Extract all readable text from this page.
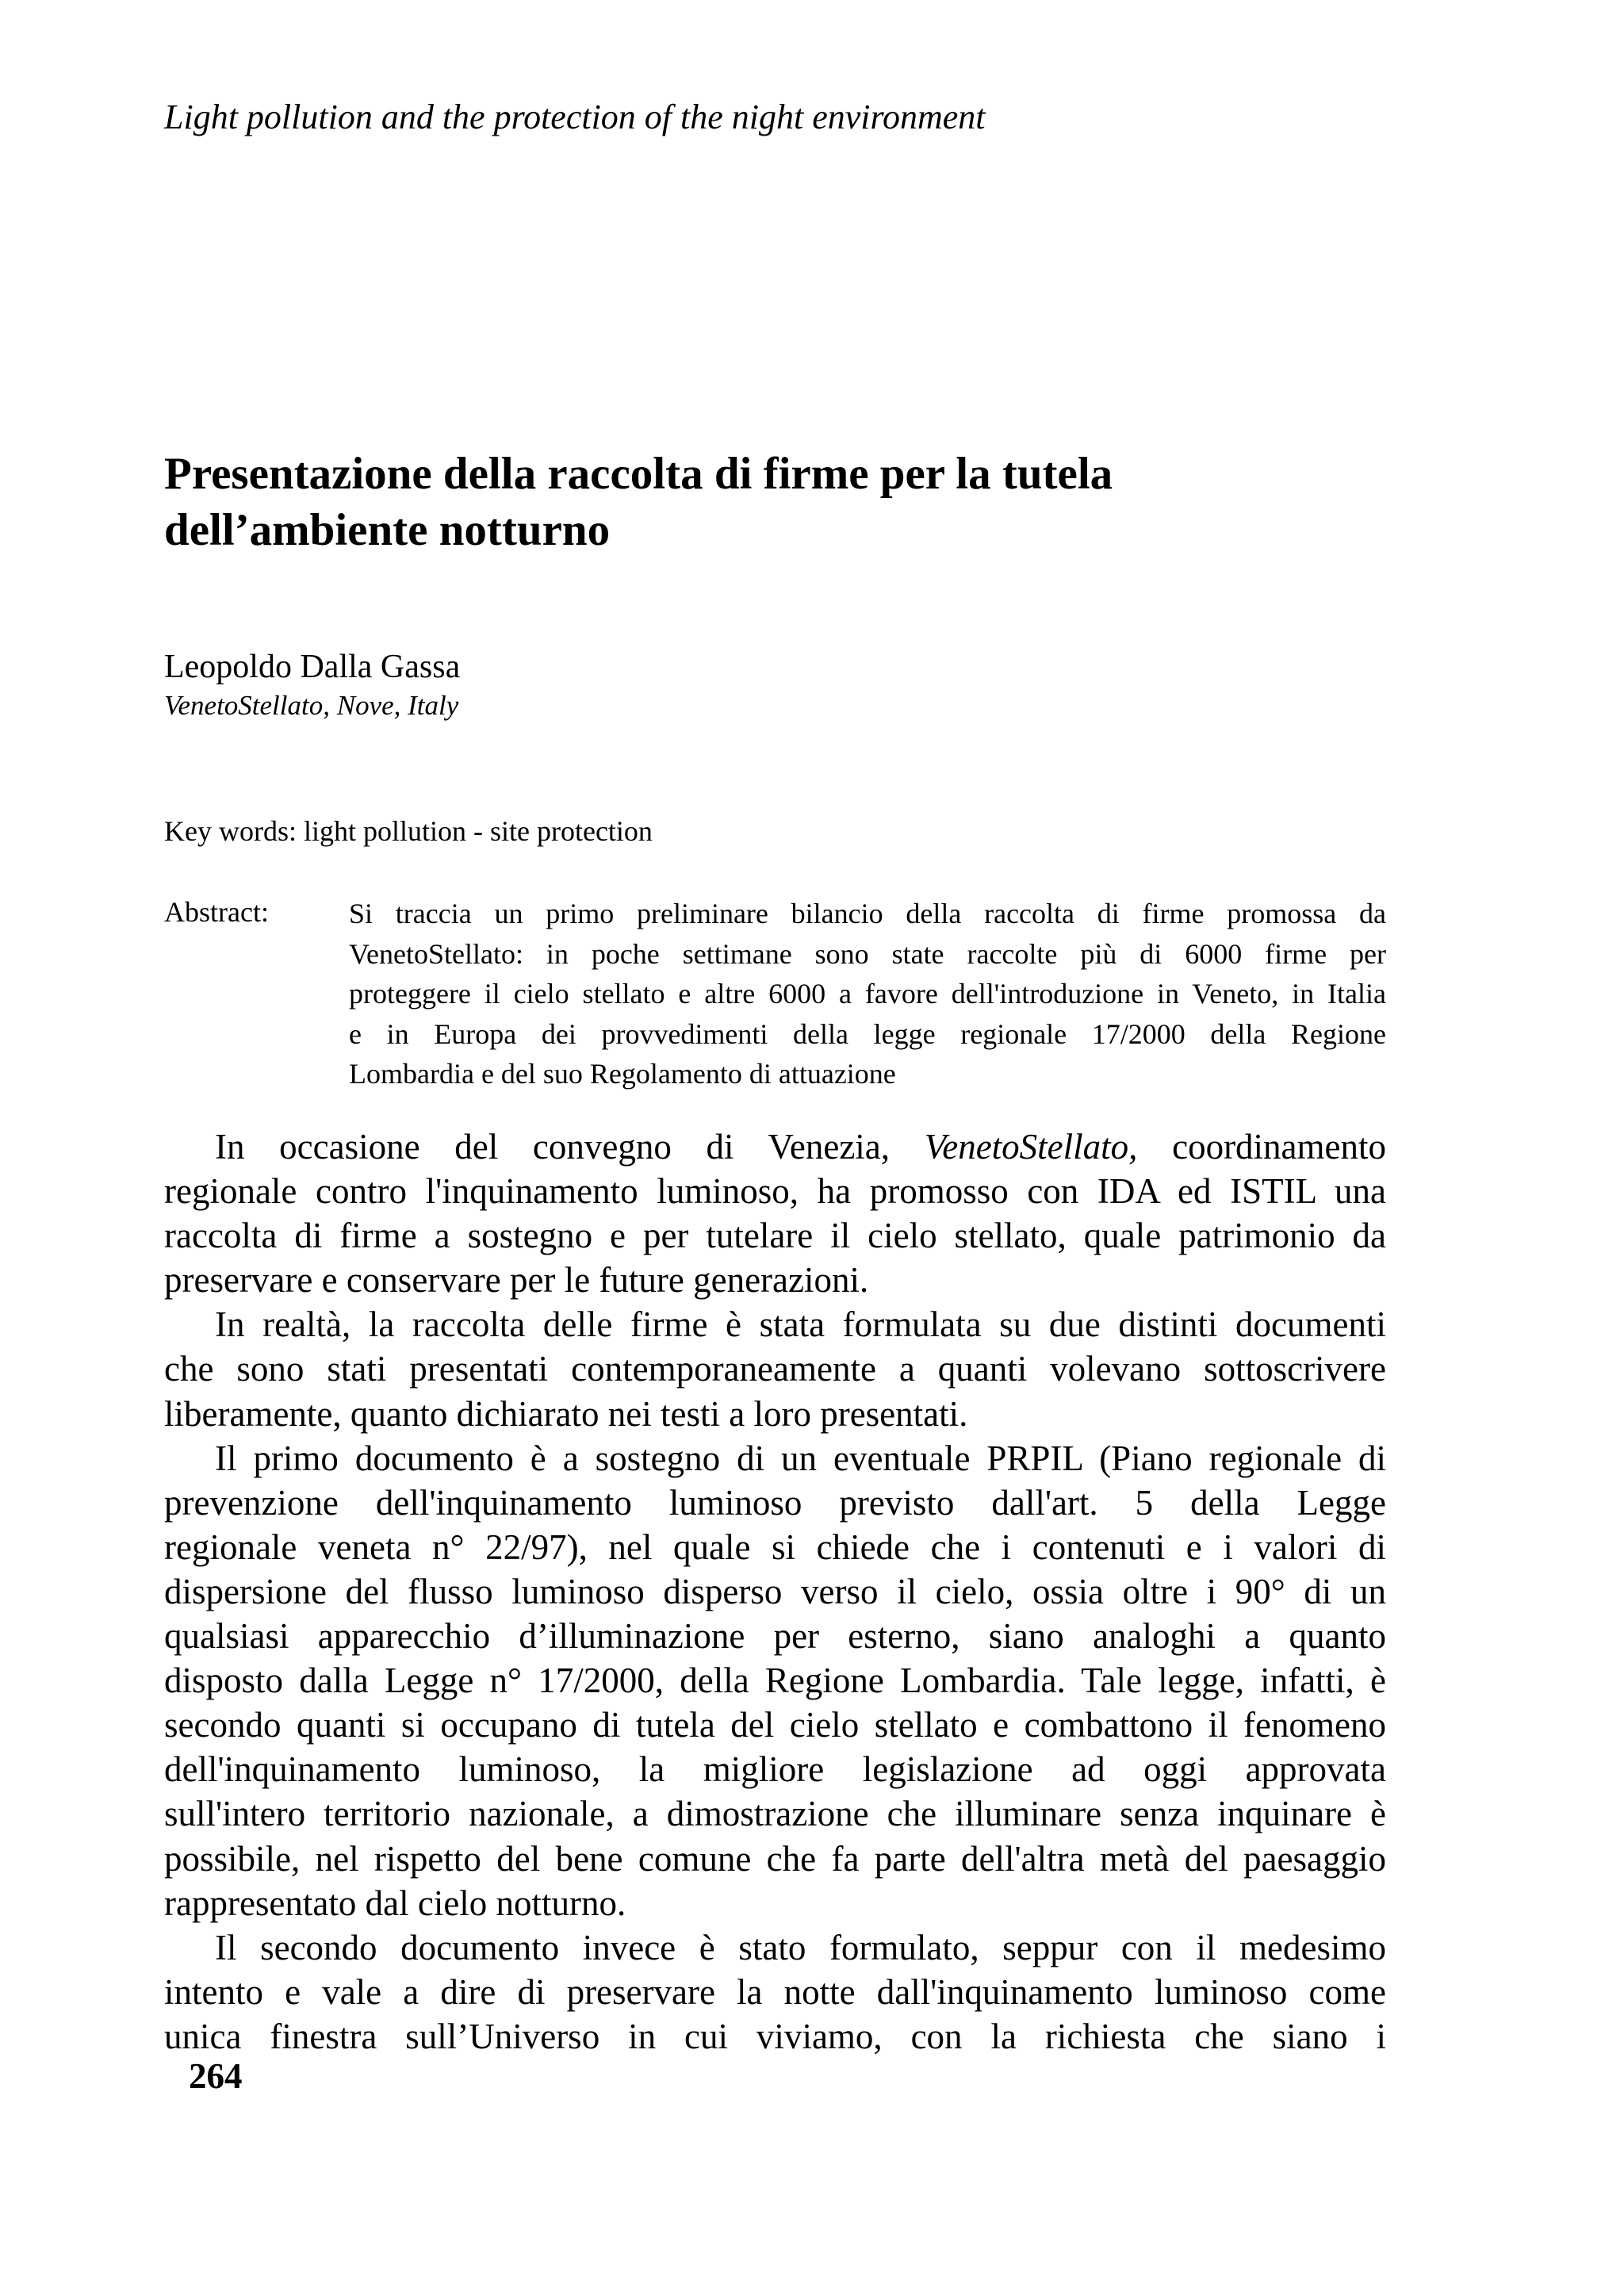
Light pollution and the protection of the night environment
Presentazione della raccolta di firme per la tutela
dell’ambiente notturno
Leopoldo Dalla Gassa
VenetoStellato, Nove, Italy
Key words: light pollution - site protection
Abstract:	Si traccia un primo preliminare bilancio della raccolta di firme promossa da
VenetoStellato: in poche settimane sono state raccolte più di 6000 firme per
proteggere il cielo stellato e altre 6000 a favore dell'introduzione in Veneto, in Italia
e in Europa dei provvedimenti della legge regionale 17/2000 della Regione
Lombardia e del suo Regolamento di attuazione
In occasione del convegno di Venezia, VenetoStellato, coordinamento
regionale contro l'inquinamento luminoso, ha promosso con IDA ed ISTIL una
raccolta di firme a sostegno e per tutelare il cielo stellato, quale patrimonio da
preservare e conservare per le future generazioni.
In realtà, la raccolta delle firme è stata formulata su due distinti documenti
che sono stati presentati contemporaneamente a quanti volevano sottoscrivere
liberamente, quanto dichiarato nei testi a loro presentati.
Il primo documento è a sostegno di un eventuale PRPIL (Piano regionale di
prevenzione dell'inquinamento luminoso previsto dall'art. 5 della Legge
regionale veneta n° 22/97), nel quale si chiede che i contenuti e i valori di
dispersione del flusso luminoso disperso verso il cielo, ossia oltre i 90° di un
qualsiasi apparecchio d’illuminazione per esterno, siano analoghi a quanto
disposto dalla Legge n° 17/2000, della Regione Lombardia. Tale legge, infatti, è
secondo quanti si occupano di tutela del cielo stellato e combattono il fenomeno
dell'inquinamento luminoso, la migliore legislazione ad oggi approvata
sull'intero territorio nazionale, a dimostrazione che illuminare senza inquinare è
possibile, nel rispetto del bene comune che fa parte dell'altra metà del paesaggio
rappresentato dal cielo notturno.
Il secondo documento invece è stato formulato, seppur con il medesimo
intento e vale a dire di preservare la notte dall'inquinamento luminoso come
unica finestra sull’Universo in cui viviamo, con la richiesta che siano i
264
